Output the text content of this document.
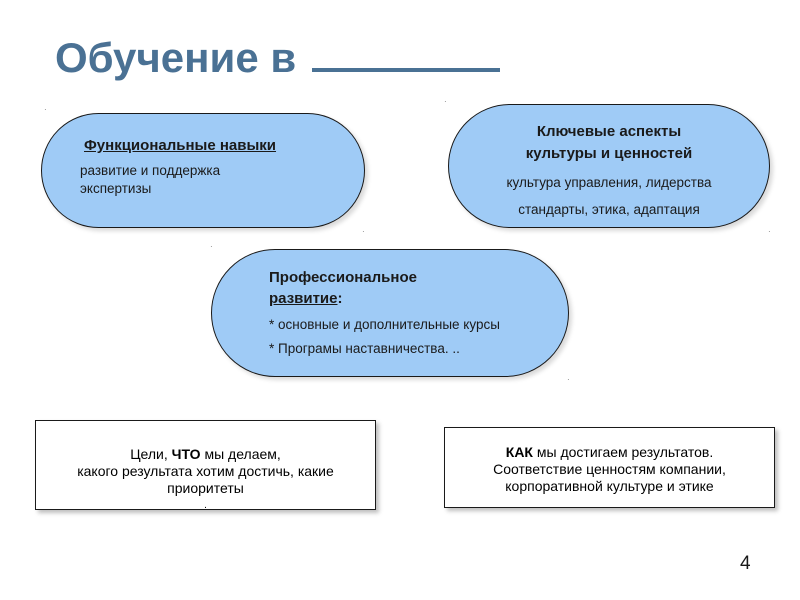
Обучение в
Функциональные навыки
развитие и поддержка
экспертизы
Ключевые аспекты
культуры и ценностей
культура управления, лидерства
стандарты, этика, адаптация
Профессиональное
развитие:
* основные и дополнительные курсы
* Програмы наставничества. ..
·
·
·	·
·
·
Цели, ЧТО мы делаем,
какого результата хотим достичь, какие
приоритеты
.
КАК мы достигаем результатов.
Соответствие ценностям компании,
корпоративной культуре и этике
4
